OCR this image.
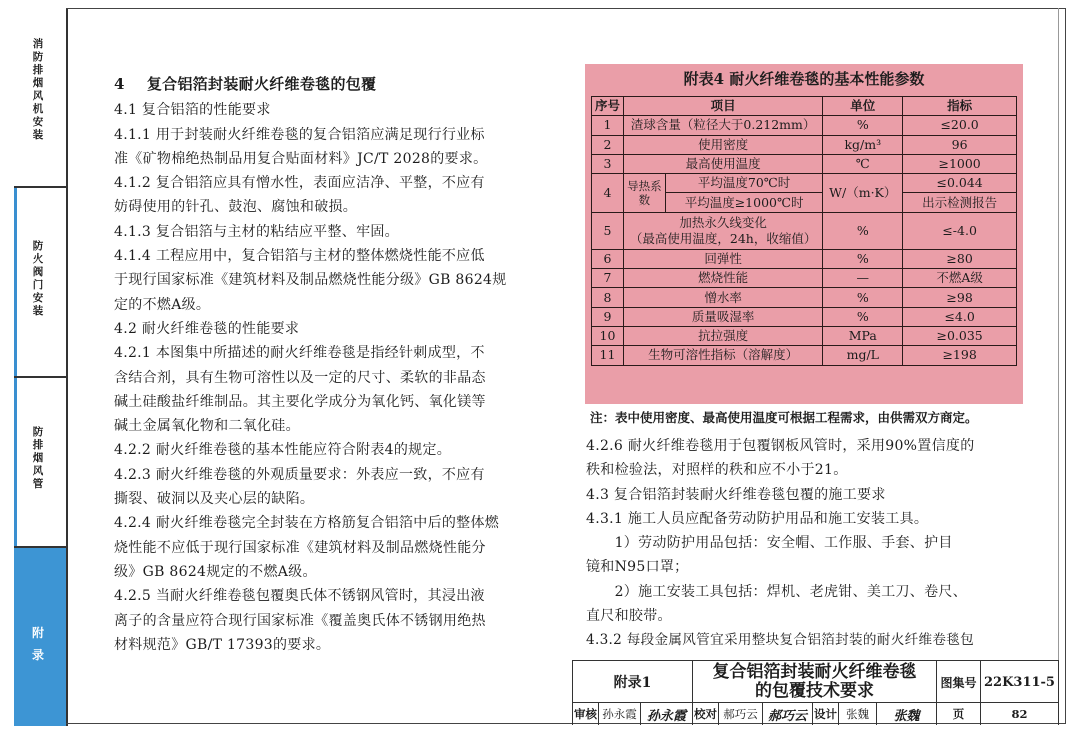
消防排烟风机安装
防火阀门安装
防排烟风管
附录

4 复合铝箔封装耐火纤维卷毯的包覆

4.1 复合铝箔的性能要求

4.1.1 用于封装耐火纤维卷毯的复合铝箔应满足现行行业标

准《矿物棉绝热制品用复合贴面材料》JC/T 2028的要求。

4.1.2 复合铝箔应具有憎水性，表面应洁净、平整，不应有

妨碍使用的针孔、鼓泡、腐蚀和破损。

4.1.3 复合铝箔与主材的粘结应平整、牢固。

4.1.4 工程应用中，复合铝箔与主材的整体燃烧性能不应低

于现行国家标准《建筑材料及制品燃烧性能分级》GB 8624规

定的不燃A级。

4.2 耐火纤维卷毯的性能要求

4.2.1 本图集中所描述的耐火纤维卷毯是指经针刺成型，不

含结合剂，具有生物可溶性以及一定的尺寸、柔软的非晶态

碱土硅酸盐纤维制品。其主要化学成分为氧化钙、氧化镁等

碱土金属氧化物和二氧化硅。

4.2.2 耐火纤维卷毯的基本性能应符合附表4的规定。

4.2.3 耐火纤维卷毯的外观质量要求：外表应一致，不应有

撕裂、破洞以及夹心层的缺陷。

4.2.4 耐火纤维卷毯完全封装在方格筋复合铝箔中后的整体燃

烧性能不应低于现行国家标准《建筑材料及制品燃烧性能分

级》GB 8624规定的不燃A级。

4.2.5 当耐火纤维卷毯包覆奥氏体不锈钢风管时，其浸出液

离子的含量应符合现行国家标准《覆盖奥氏体不锈钢用绝热

材料规范》GB/T 17393的要求。

附表4 耐火纤维卷毯的基本性能参数
序号	项目		单位	指标
1	渣球含量（粒径大于0.212mm）		%	≤20.0
2	使用密度		kg/m³	96
3	最高使用温度		℃	≥1000
4	导热系数	平均温度70℃时	W/（m·K）	≤0.044
		平均温度≥1000℃时		出示检测报告
5	加热永久线变化
（最高使用温度，24h，收缩值）		%	≤-4.0
6	回弹性		%	≥80
7	燃烧性能		—	不燃A级
8	憎水率		%	≥98
9	质量吸湿率		%	≤4.0
10	抗拉强度		MPa	≥0.035
11	生物可溶性指标（溶解度）		mg/L	≥198
注：表中使用密度、最高使用温度可根据工程需求，由供需双方商定。

4.2.6 耐火纤维卷毯用于包覆钢板风管时，采用90%置信度的

秩和检验法，对照样的秩和应不小于21。

4.3 复合铝箔封装耐火纤维卷毯包覆的施工要求

4.3.1 施工人员应配备劳动防护用品和施工安装工具。

　　1）劳动防护用品包括：安全帽、工作服、手套、护目

镜和N95口罩；

　　2）施工安装工具包括：焊机、老虎钳、美工刀、卷尺、

直尺和胶带。

4.3.2 每段金属风管宜采用整块复合铝箔封装的耐火纤维卷毯包

附录1
复合铝箔封装耐火纤维卷毯
的包覆技术要求	图集号 22K311-5
审核 孙永霞 孙永霞 校对 郝巧云 郝巧云 设计 张魏	张魏	页	82
